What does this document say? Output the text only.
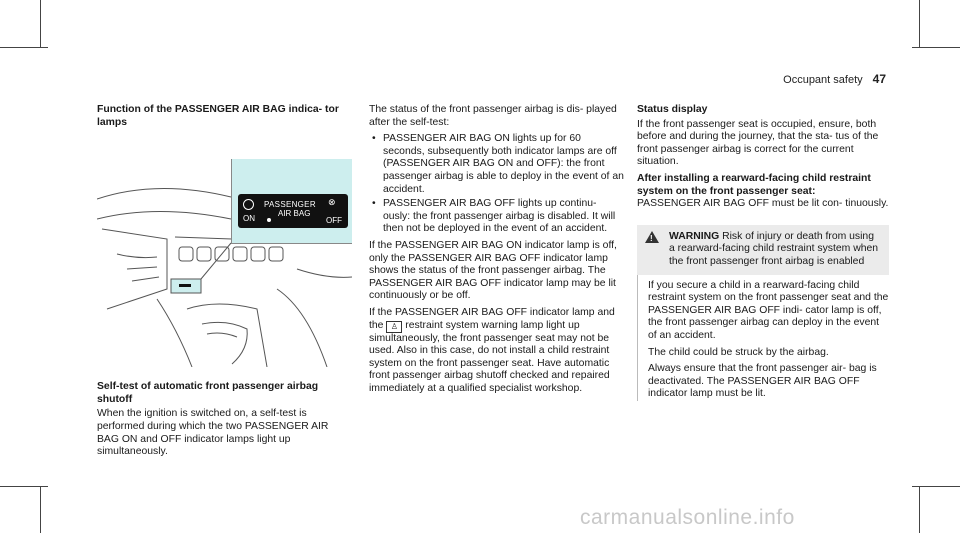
Occupant safety 47
Function of the PASSENGER AIR BAG indica- tor lamps
PASSENGER
AIR BAG
ON
⊗
OFF
Self-test of automatic front passenger airbag shutoff

When the ignition is switched on, a self-test is performed during which the two PASSENGER AIR BAG ON and OFF indicator lamps light up simultaneously.

The status of the front passenger airbag is dis- played after the self-test:

• PASSENGER AIR BAG ON lights up for 60 seconds, subsequently both indicator lamps are off (PASSENGER AIR BAG ON and OFF): the front passenger airbag is able to deploy in the event of an accident.
• PASSENGER AIR BAG OFF lights up continu- ously: the front passenger airbag is disabled. It will then not be deployed in the event of an accident.

If the PASSENGER AIR BAG ON indicator lamp is off, only the PASSENGER AIR BAG OFF indicator lamp shows the status of the front passenger airbag. The PASSENGER AIR BAG OFF indicator lamp may be lit continuously or be off.

If the PASSENGER AIR BAG OFF indicator lamp and the ♙ restraint system warning lamp light up simultaneously, the front passenger seat may not be used. Also in this case, do not install a child restraint system on the front passenger seat. Have automatic front passenger airbag shutoff checked and repaired immediately at a qualified specialist workshop.

Status display

If the front passenger seat is occupied, ensure, both before and during the journey, that the sta- tus of the front passenger airbag is correct for the current situation.

After installing a rearward-facing child restraint system on the front passenger seat:

PASSENGER AIR BAG OFF must be lit con- tinuously.

!
WARNING Risk of injury or death from using a rearward-facing child restraint system when the front passenger front airbag is enabled

If you secure a child in a rearward-facing child restraint system on the front passenger seat and the PASSENGER AIR BAG OFF indi- cator lamp is off, the front passenger airbag can deploy in the event of an accident.

The child could be struck by the airbag.

Always ensure that the front passenger air- bag is deactivated. The PASSENGER AIR BAG OFF indicator lamp must be lit.

carmanualsonline.info
